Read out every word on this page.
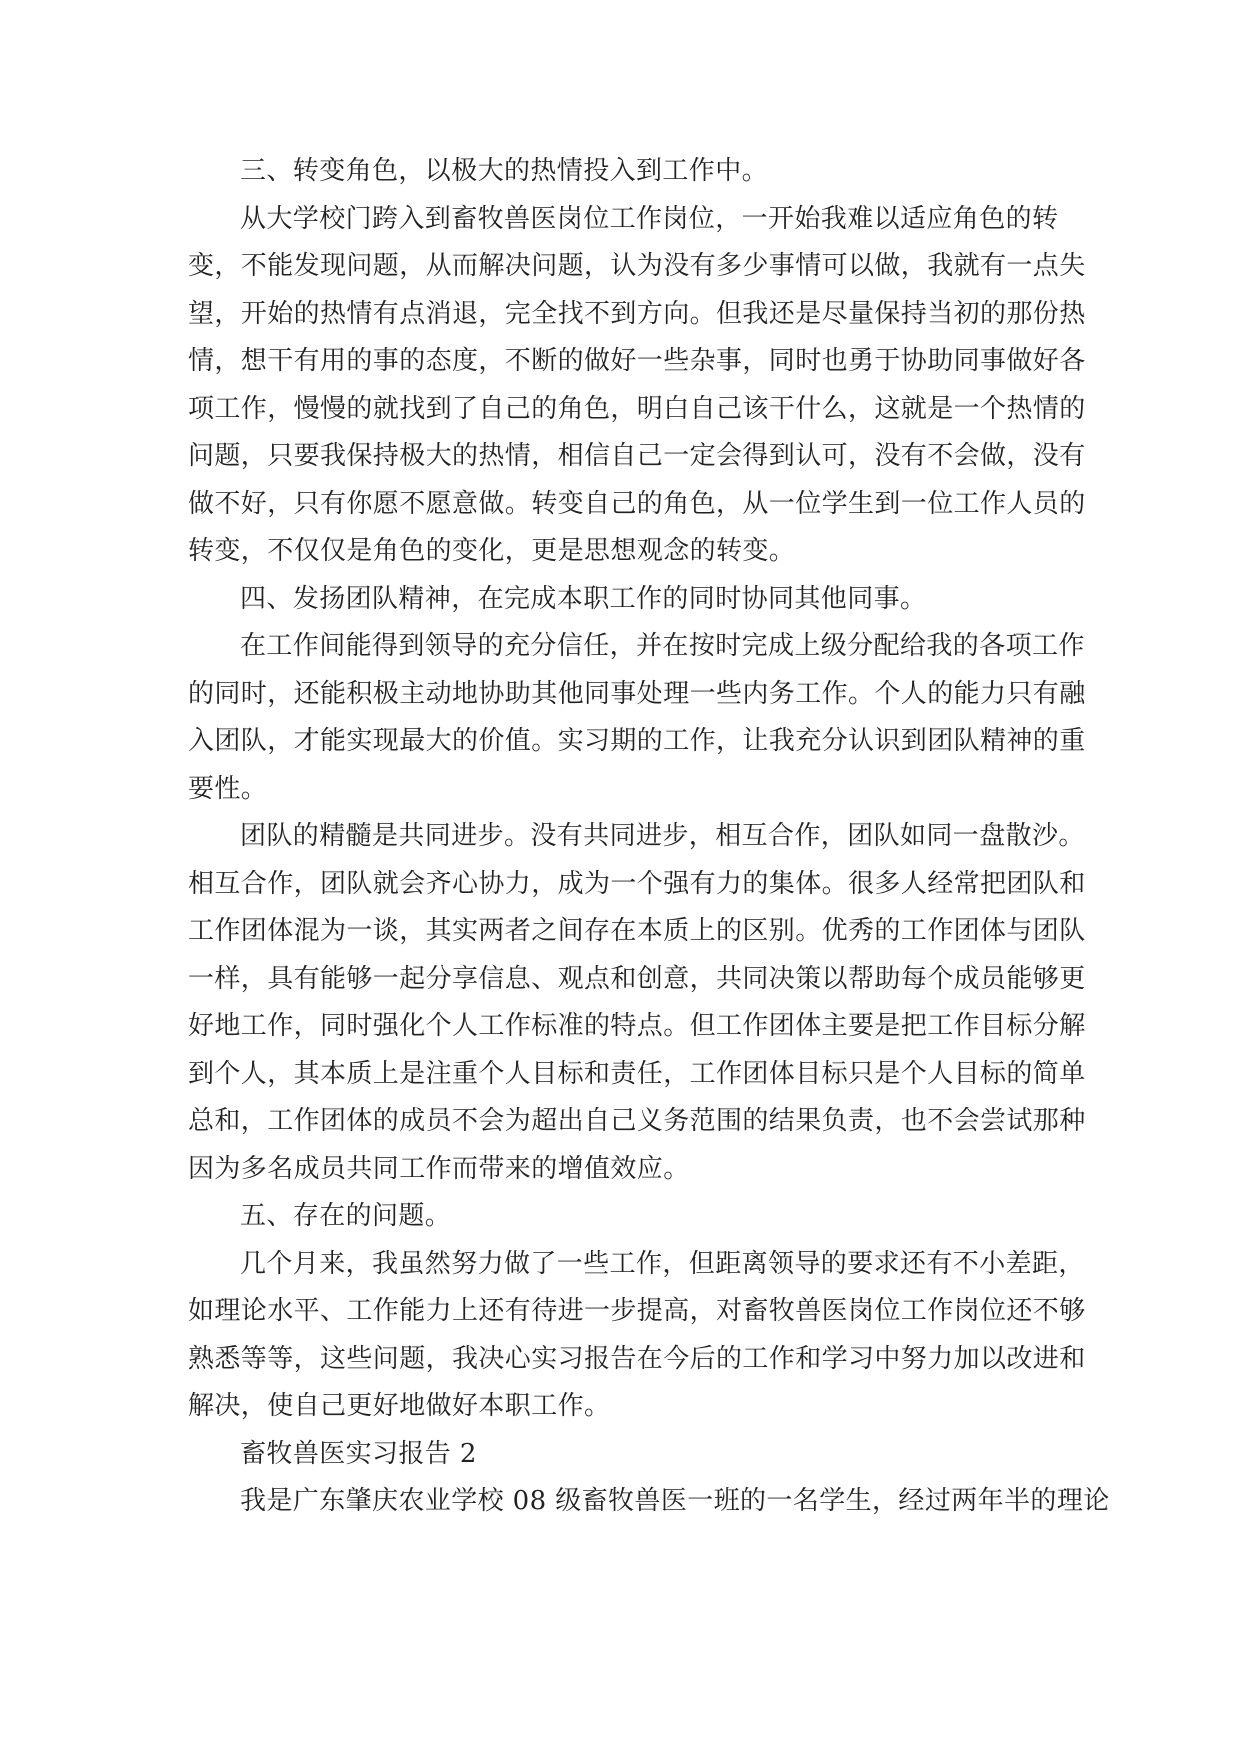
三、转变角色，以极大的热情投入到工作中。
从大学校门跨入到畜牧兽医岗位工作岗位，一开始我难以适应角色的转
变，不能发现问题，从而解决问题，认为没有多少事情可以做，我就有一点失
望，开始的热情有点消退，完全找不到方向。但我还是尽量保持当初的那份热
情，想干有用的事的态度，不断的做好一些杂事，同时也勇于协助同事做好各
项工作，慢慢的就找到了自己的角色，明白自己该干什么，这就是一个热情的
问题，只要我保持极大的热情，相信自己一定会得到认可，没有不会做，没有
做不好，只有你愿不愿意做。转变自己的角色，从一位学生到一位工作人员的
转变，不仅仅是角色的变化，更是思想观念的转变。
四、发扬团队精神，在完成本职工作的同时协同其他同事。
在工作间能得到领导的充分信任，并在按时完成上级分配给我的各项工作
的同时，还能积极主动地协助其他同事处理一些内务工作。个人的能力只有融
入团队，才能实现最大的价值。实习期的工作，让我充分认识到团队精神的重
要性。
团队的精髓是共同进步。没有共同进步，相互合作，团队如同一盘散沙。
相互合作，团队就会齐心协力，成为一个强有力的集体。很多人经常把团队和
工作团体混为一谈，其实两者之间存在本质上的区别。优秀的工作团体与团队
一样，具有能够一起分享信息、观点和创意，共同决策以帮助每个成员能够更
好地工作，同时强化个人工作标准的特点。但工作团体主要是把工作目标分解
到个人，其本质上是注重个人目标和责任，工作团体目标只是个人目标的简单
总和，工作团体的成员不会为超出自己义务范围的结果负责，也不会尝试那种
因为多名成员共同工作而带来的增值效应。
五、存在的问题。
几个月来，我虽然努力做了一些工作，但距离领导的要求还有不小差距，
如理论水平、工作能力上还有待进一步提高，对畜牧兽医岗位工作岗位还不够
熟悉等等，这些问题，我决心实习报告在今后的工作和学习中努力加以改进和
解决，使自己更好地做好本职工作。
畜牧兽医实习报告 2
我是广东肇庆农业学校 08 级畜牧兽医一班的一名学生，经过两年半的理论
